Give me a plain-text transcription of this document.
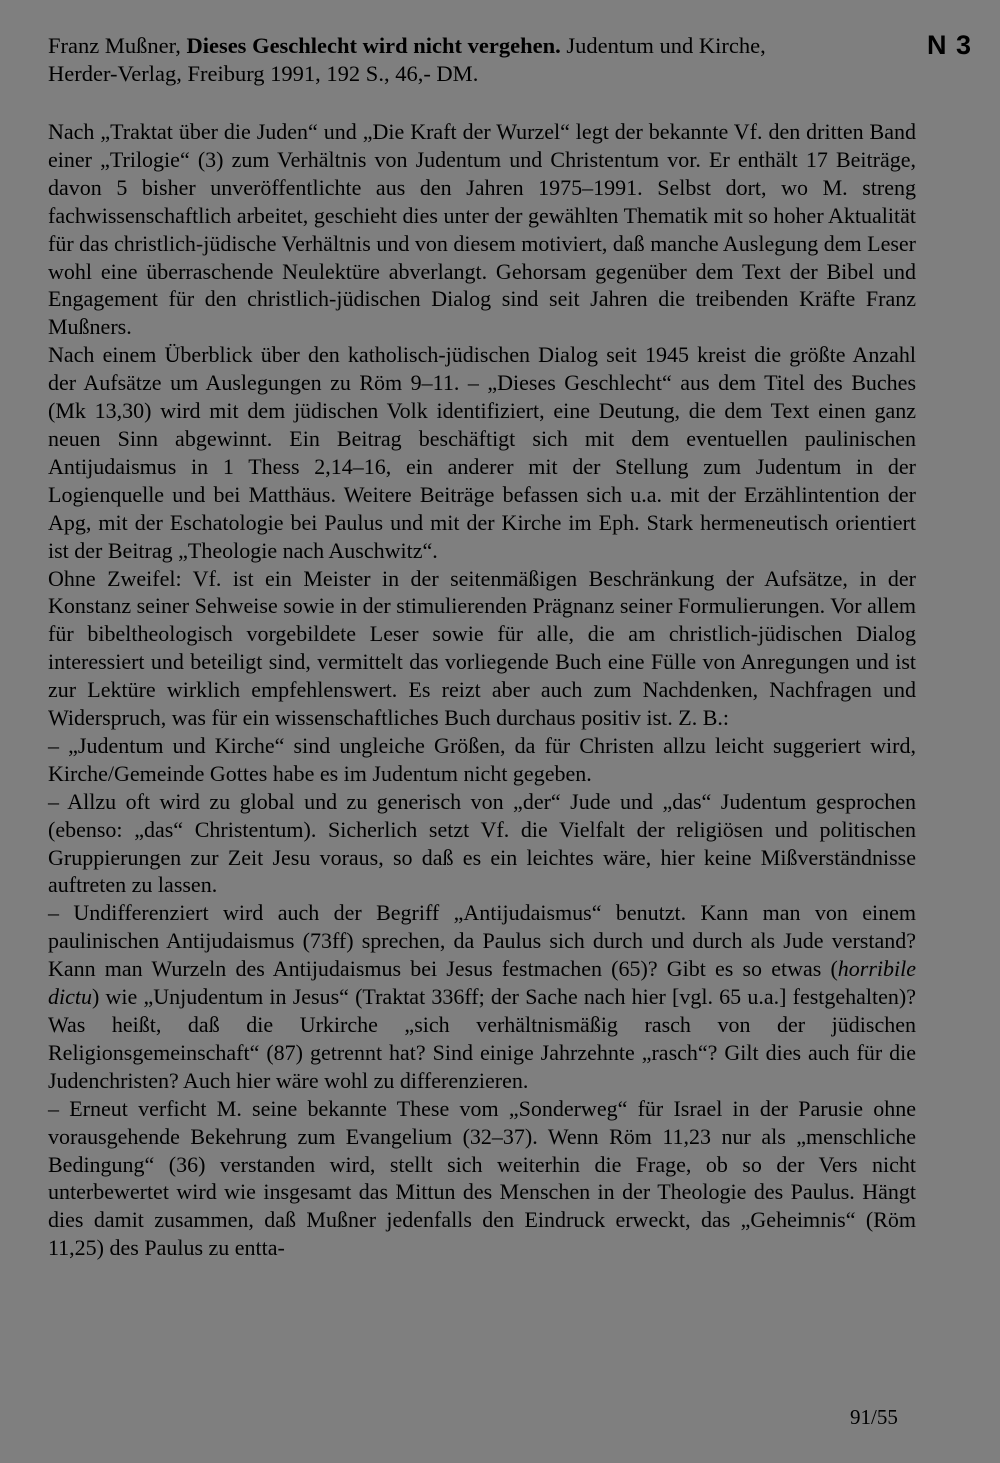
Franz Mußner, Dieses Geschlecht wird nicht vergehen. Judentum und Kirche,
Herder-Verlag, Freiburg 1991, 192 S., 46,- DM.
N 3

Nach „Traktat über die Juden“ und „Die Kraft der Wurzel“ legt der bekannte Vf. den dritten Band einer „Trilogie“ (3) zum Verhältnis von Judentum und Christentum vor. Er enthält 17 Beiträge, davon 5 bisher unveröffentlichte aus den Jahren 1975–1991. Selbst dort, wo M. streng fachwissenschaftlich arbeitet, geschieht dies unter der gewählten Thematik mit so hoher Aktualität für das christlich-jüdische Verhältnis und von diesem motiviert, daß manche Auslegung dem Leser wohl eine überraschende Neulektüre abverlangt. Gehorsam gegenüber dem Text der Bibel und Engagement für den christlich-jüdischen Dialog sind seit Jahren die treibenden Kräfte Franz Mußners.

Nach einem Überblick über den katholisch-jüdischen Dialog seit 1945 kreist die größte Anzahl der Aufsätze um Auslegungen zu Röm 9–11. – „Dieses Geschlecht“ aus dem Titel des Buches (Mk 13,30) wird mit dem jüdischen Volk identifiziert, eine Deutung, die dem Text einen ganz neuen Sinn abgewinnt. Ein Beitrag beschäftigt sich mit dem eventuellen paulinischen Antijudaismus in 1 Thess 2,14–16, ein anderer mit der Stellung zum Judentum in der Logienquelle und bei Matthäus. Weitere Beiträge befassen sich u.a. mit der Erzählintention der Apg, mit der Eschatologie bei Paulus und mit der Kirche im Eph. Stark hermeneutisch orientiert ist der Beitrag „Theologie nach Auschwitz“.

Ohne Zweifel: Vf. ist ein Meister in der seitenmäßigen Beschränkung der Aufsätze, in der Konstanz seiner Sehweise sowie in der stimulierenden Prägnanz seiner Formulierungen. Vor allem für bibeltheologisch vorgebildete Leser sowie für alle, die am christlich-jüdischen Dialog interessiert und beteiligt sind, vermittelt das vorliegende Buch eine Fülle von Anregungen und ist zur Lektüre wirklich empfehlenswert. Es reizt aber auch zum Nachdenken, Nachfragen und Widerspruch, was für ein wissenschaftliches Buch durchaus positiv ist. Z. B.:

– „Judentum und Kirche“ sind ungleiche Größen, da für Christen allzu leicht suggeriert wird, Kirche/Gemeinde Gottes habe es im Judentum nicht gegeben.

– Allzu oft wird zu global und zu generisch von „der“ Jude und „das“ Judentum gesprochen (ebenso: „das“ Christentum). Sicherlich setzt Vf. die Vielfalt der religiösen und politischen Gruppierungen zur Zeit Jesu voraus, so daß es ein leichtes wäre, hier keine Mißverständnisse auftreten zu lassen.

– Undifferenziert wird auch der Begriff „Antijudaismus“ benutzt. Kann man von einem paulinischen Antijudaismus (73ff) sprechen, da Paulus sich durch und durch als Jude verstand? Kann man Wurzeln des Antijudaismus bei Jesus festmachen (65)? Gibt es so etwas (horribile dictu) wie „Unjudentum in Jesus“ (Traktat 336ff; der Sache nach hier [vgl. 65 u.a.] festgehalten)? Was heißt, daß die Urkirche „sich verhältnismäßig rasch von der jüdischen Religionsgemeinschaft“ (87) getrennt hat? Sind einige Jahrzehnte „rasch“? Gilt dies auch für die Judenchristen? Auch hier wäre wohl zu differenzieren.

– Erneut verficht M. seine bekannte These vom „Sonderweg“ für Israel in der Parusie ohne vorausgehende Bekehrung zum Evangelium (32–37). Wenn Röm 11,23 nur als „menschliche Bedingung“ (36) verstanden wird, stellt sich weiterhin die Frage, ob so der Vers nicht unterbewertet wird wie insgesamt das Mittun des Menschen in der Theologie des Paulus. Hängt dies damit zusammen, daß Mußner jedenfalls den Eindruck erweckt, das „Geheimnis“ (Röm 11,25) des Paulus zu entta-

91/55
